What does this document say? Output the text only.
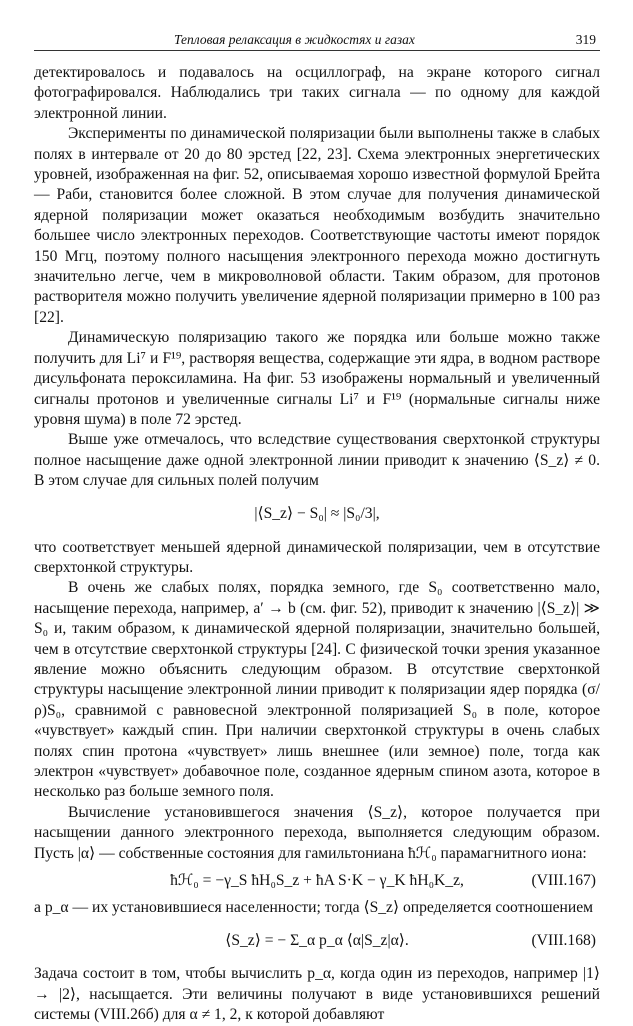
Тепловая релаксация в жидкостях и газах	319

детектировалось и подавалось на осциллограф, на экране которого сигнал фотографировался. Наблюдались три таких сигнала — по одному для каждой электронной линии.

Эксперименты по динамической поляризации были выполнены также в слабых полях в интервале от 20 до 80 эрстед [22, 23]. Схема электронных энергетических уровней, изображенная на фиг. 52, описываемая хорошо известной формулой Брейта — Раби, становится более сложной. В этом случае для получения динамической ядерной поляризации может оказаться необходимым возбудить значительно большее число электронных переходов. Соответствующие частоты имеют порядок 150 Мгц, поэтому полного насыщения электронного перехода можно достигнуть значительно легче, чем в микроволновой области. Таким образом, для протонов растворителя можно получить увеличение ядерной поляризации примерно в 100 раз [22].

Динамическую поляризацию такого же порядка или больше можно также получить для Li⁷ и F¹⁹, растворяя вещества, содержащие эти ядра, в водном растворе дисульфоната пероксиламина. На фиг. 53 изображены нормальный и увеличенный сигналы протонов и увеличенные сигналы Li⁷ и F¹⁹ (нормальные сигналы ниже уровня шума) в поле 72 эрстед.

Выше уже отмечалось, что вследствие существования сверхтонкой структуры полное насыщение даже одной электронной линии приводит к значению ⟨S_z⟩ ≠ 0. В этом случае для сильных полей получим

|⟨S_z⟩ − S₀| ≈ |S₀/3|,

что соответствует меньшей ядерной динамической поляризации, чем в отсутствие сверхтонкой структуры.

В очень же слабых полях, порядка земного, где S₀ соответственно мало, насыщение перехода, например, a′ → b (см. фиг. 52), приводит к значению |⟨S_z⟩| ≫ S₀ и, таким образом, к динамической ядерной поляризации, значительно большей, чем в отсутствие сверхтонкой структуры [24]. С физической точки зрения указанное явление можно объяснить следующим образом. В отсутствие сверхтонкой структуры насыщение электронной линии приводит к поляризации ядер порядка (σ/ρ)S₀, сравнимой с равновесной электронной поляризацией S₀ в поле, которое «чувствует» каждый спин. При наличии сверхтонкой структуры в очень слабых полях спин протона «чувствует» лишь внешнее (или земное) поле, тогда как электрон «чувствует» добавочное поле, созданное ядерным спином азота, которое в несколько раз больше земного поля.

Вычисление установившегося значения ⟨S_z⟩, которое получается при насыщении данного электронного перехода, выполняется следующим образом. Пусть |α⟩ — собственные состояния для гамильтониана ħℋ₀ парамагнитного иона:

ħℋ₀ = −γ_S ħH₀S_z + ħA S·K − γ_K ħH₀K_z,	(VIII.167)

а p_α — их установившиеся населенности; тогда ⟨S_z⟩ определяется соотношением

⟨S_z⟩ = − Σ_α p_α ⟨α|S_z|α⟩.	(VIII.168)

Задача состоит в том, чтобы вычислить p_α, когда один из переходов, например |1⟩ → |2⟩, насыщается. Эти величины получают в виде установившихся решений системы (VIII.26б) для α ≠ 1, 2, к которой добавляют
